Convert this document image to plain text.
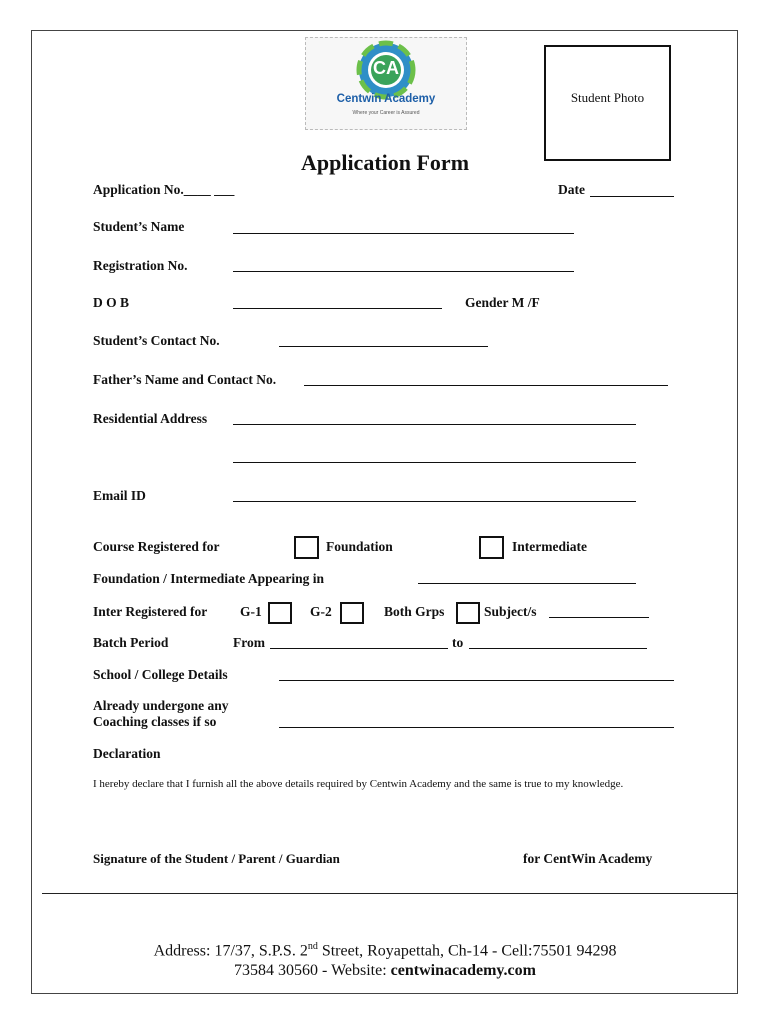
CA
Centwin Academy
Where your Career is Assured
Student Photo
Application Form
Application No.____ ___	Date
Student’s Name
Registration No.
D O B	Gender M /F
Student’s Contact No.
Father’s Name and Contact No.
Residential Address
Email ID
Course Registered for	Foundation	Intermediate
Foundation / Intermediate Appearing in
Inter Registered for G-1	G-2	Both Grps	Subject/s
Batch Period	From	to
School / College Details
Already undergone any
Coaching classes if so
Declaration
I hereby declare that I furnish all the above details required by Centwin Academy and the same is true to my knowledge.
Signature of the Student / Parent / Guardian	for CentWin Academy
Address: 17/37, S.P.S. 2nd Street, Royapettah, Ch-14 - Cell:75501 94298
73584 30560 - Website: centwinacademy.com
